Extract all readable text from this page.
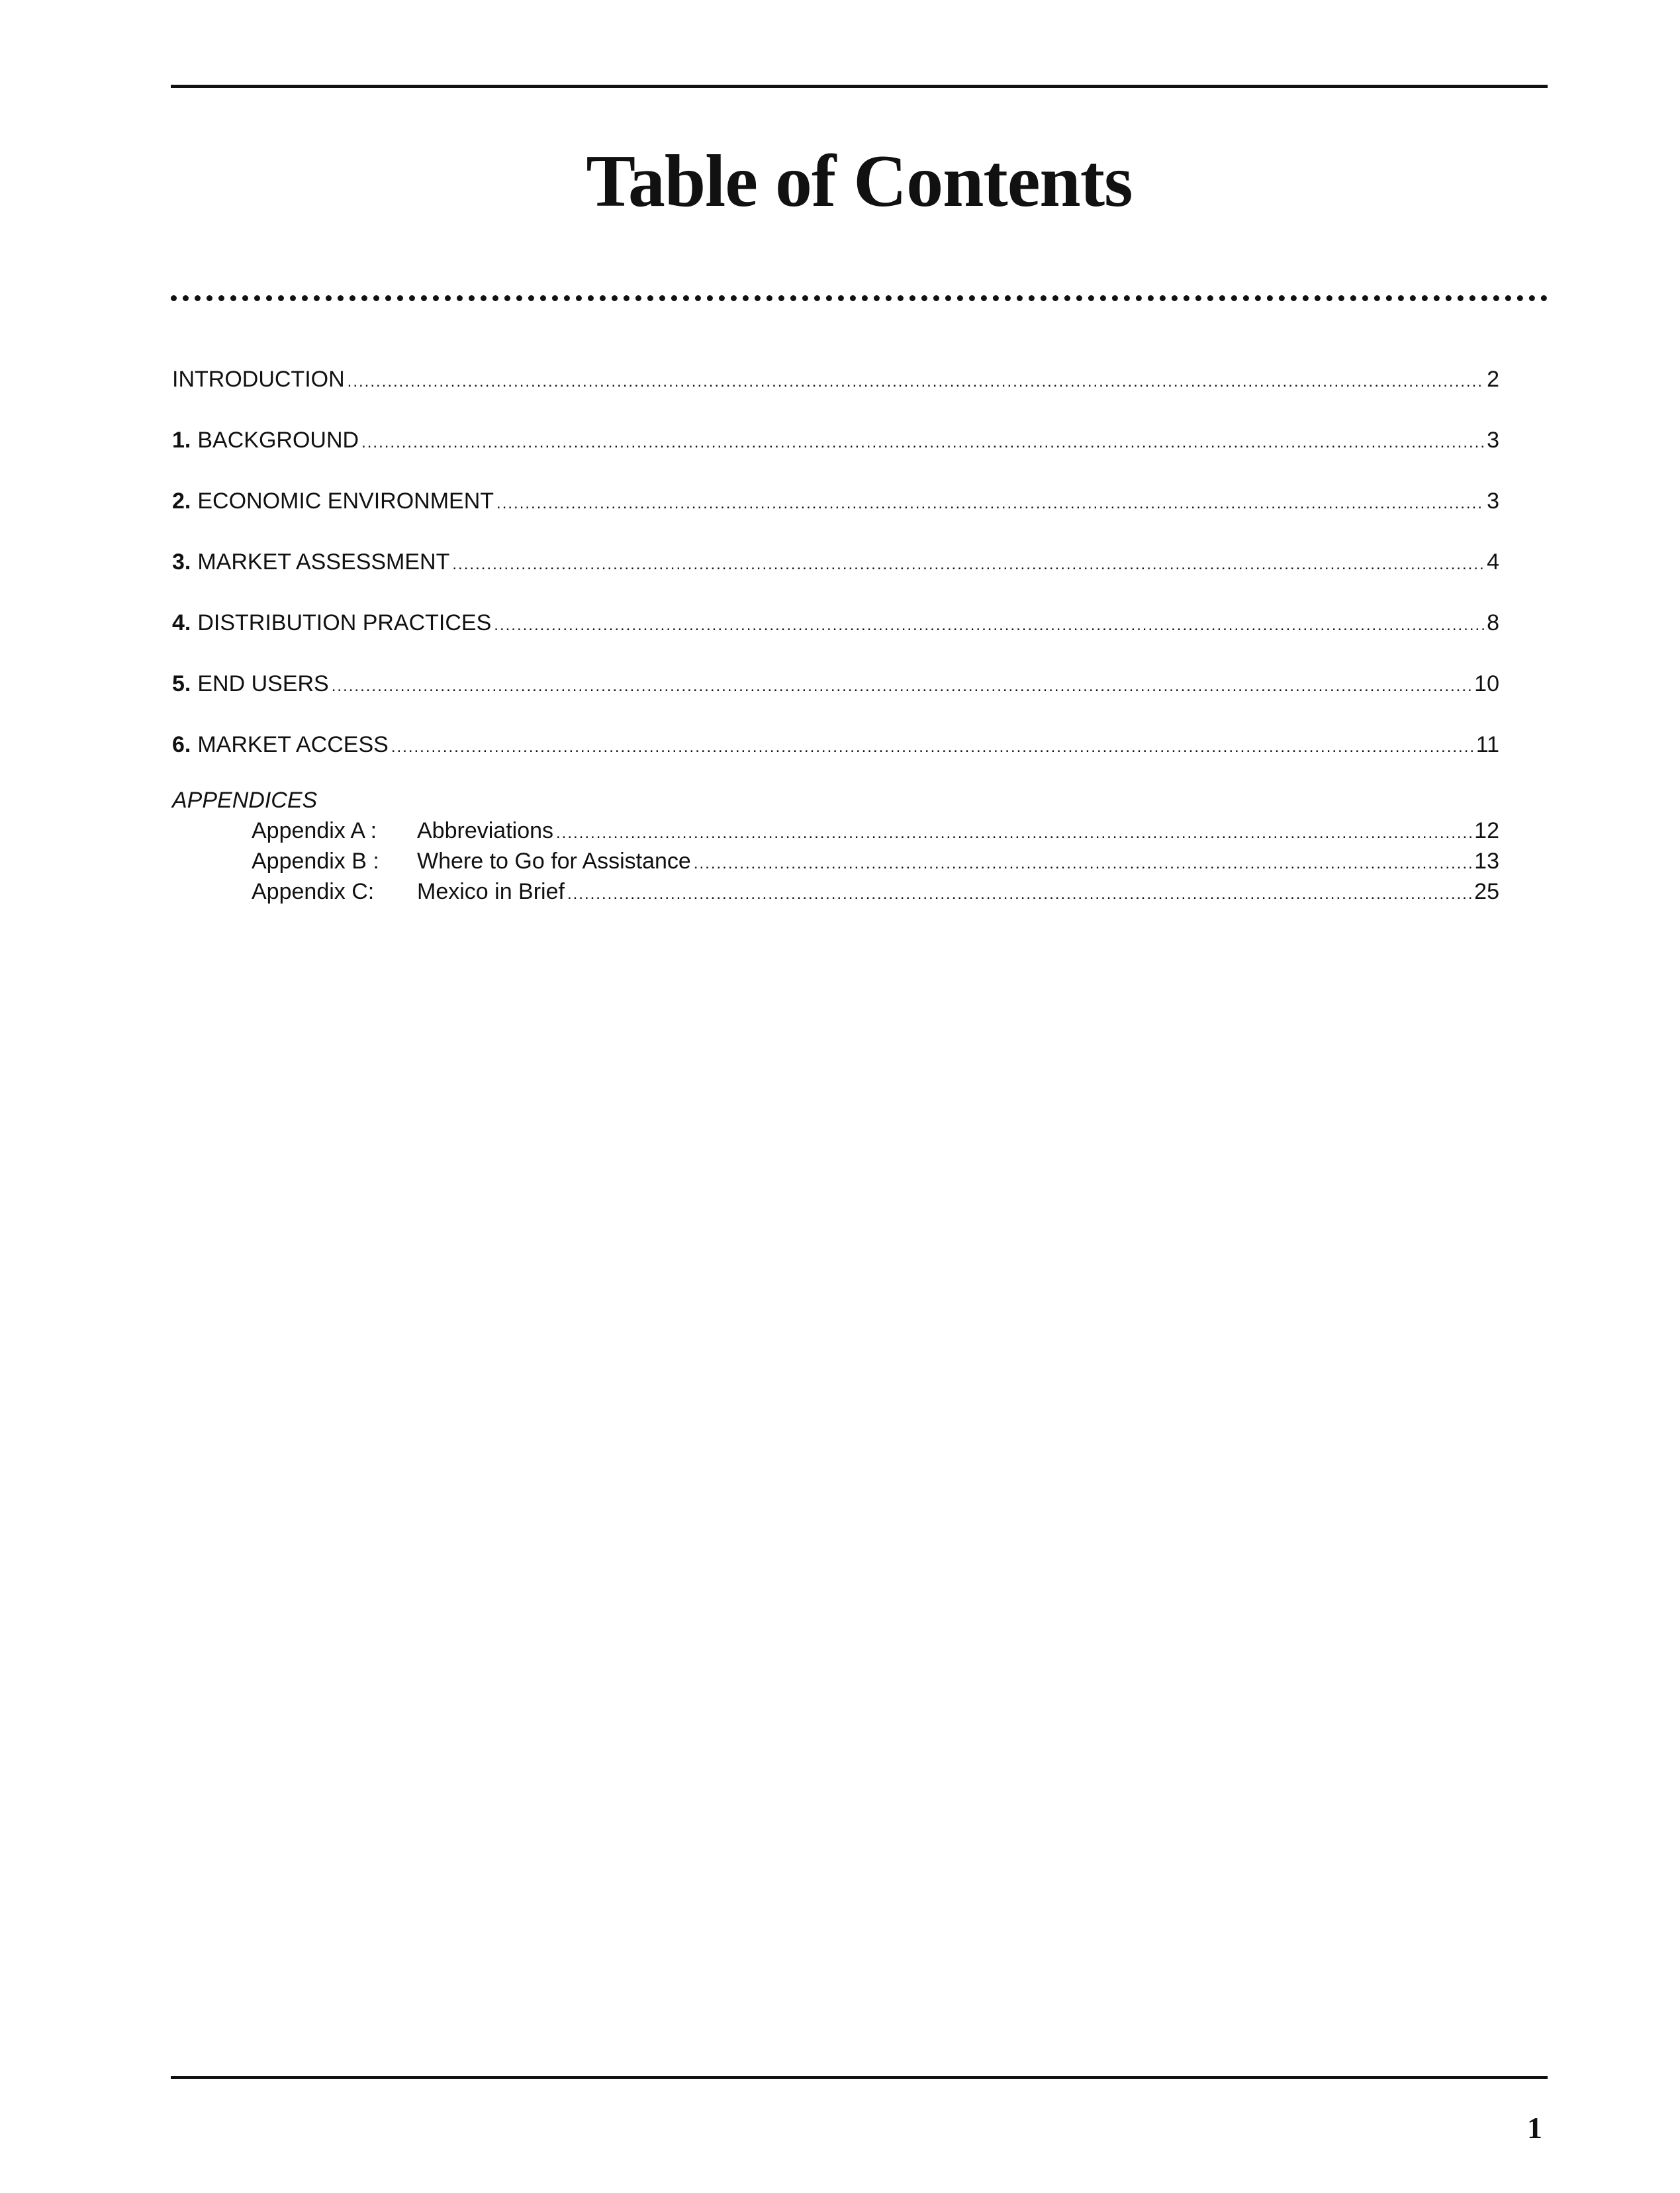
Table of Contents
INTRODUCTION .....	2
1. BACKGROUND .....	3
2. ECONOMIC ENVIRONMENT .....	3
3. MARKET ASSESSMENT .....	4
4. DISTRIBUTION PRACTICES .....	8
5. END USERS .....	10
6. MARKET ACCESS .....	11
APPENDICES
Appendix A :	Abbreviations .....	12
Appendix B :	Where to Go for Assistance .....	13
Appendix C:	Mexico in Brief .....	25
1
